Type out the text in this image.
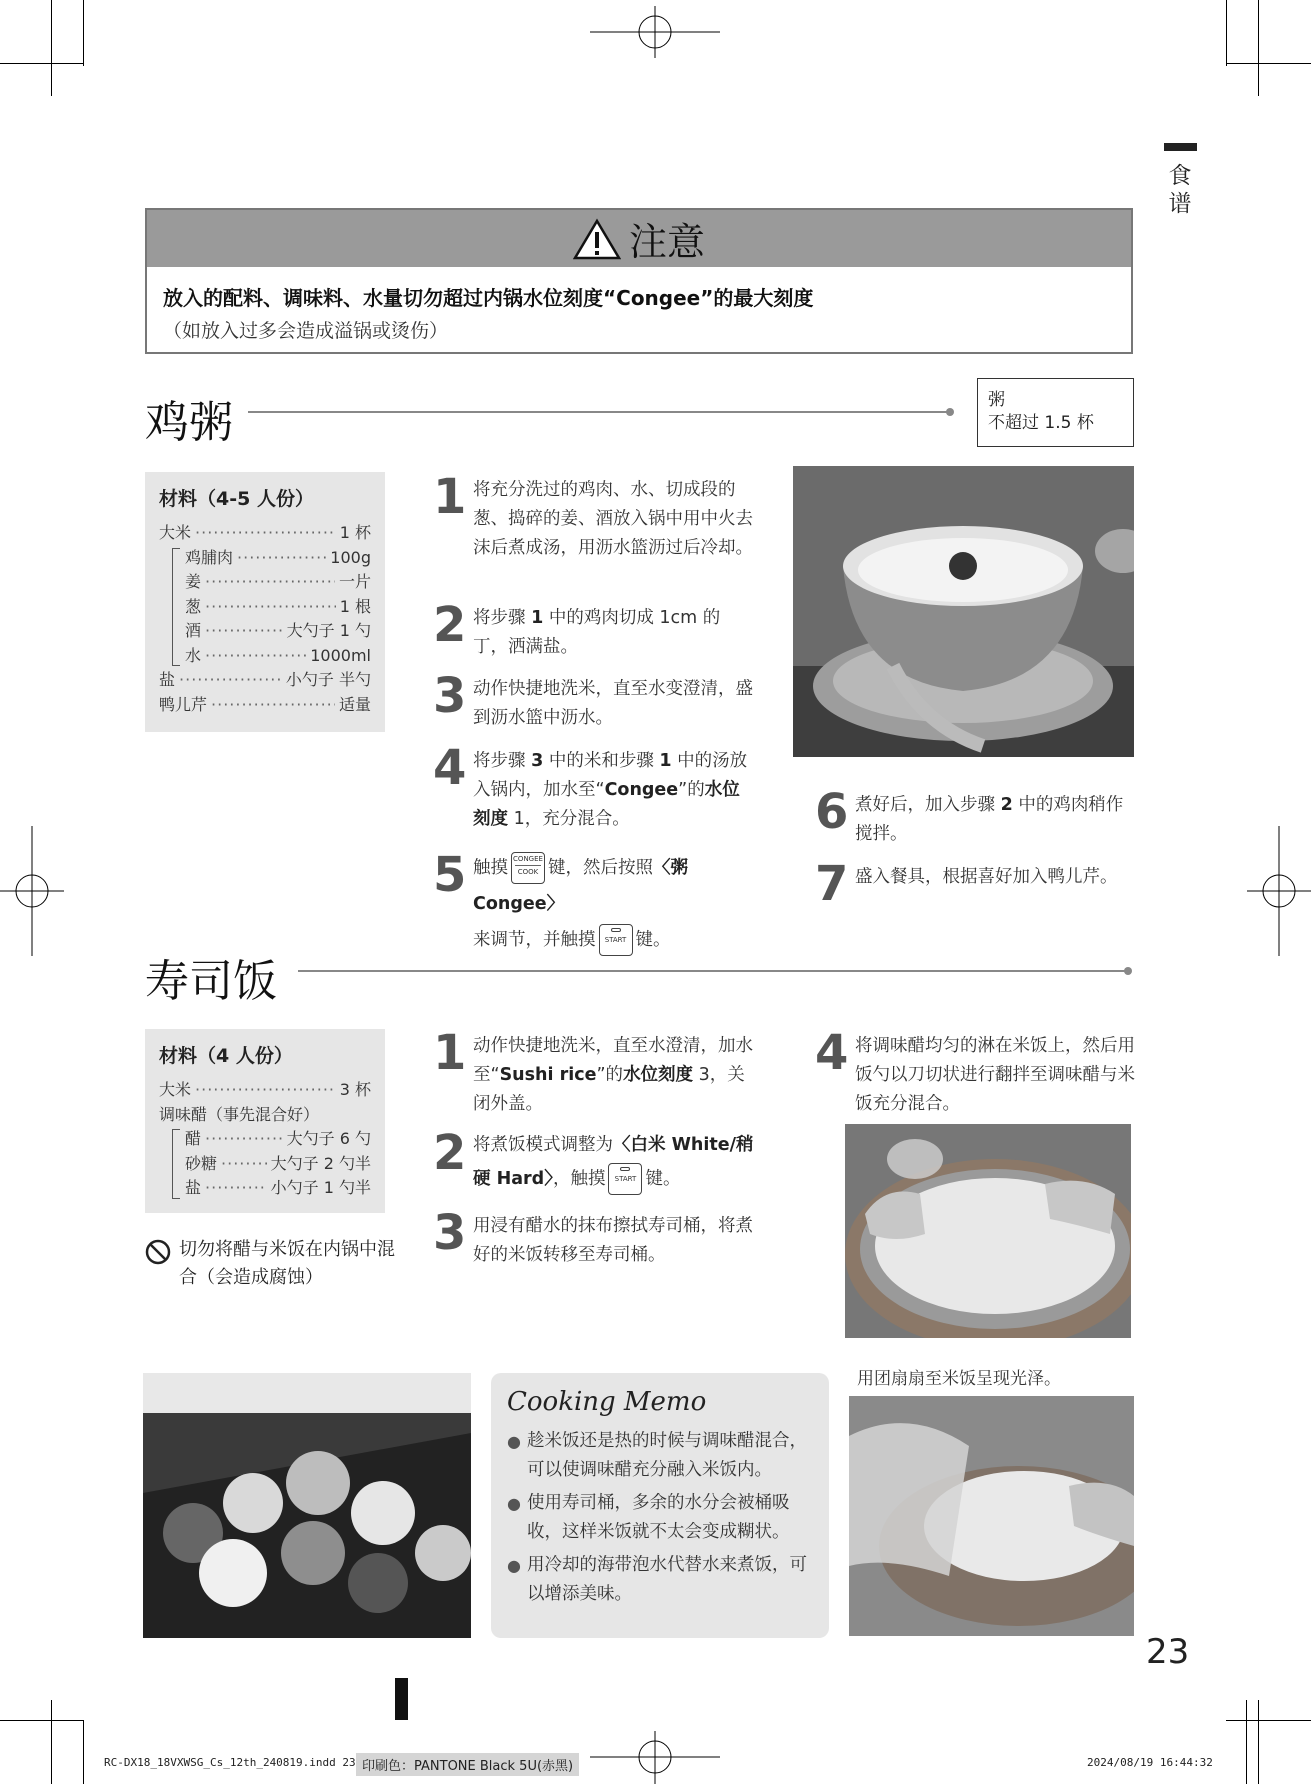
食谱
注意
放入的配料、调味料、水量切勿超过内锅水位刻度“Congee”的最大刻度
（如放入过多会造成溢锅或烫伤）
鸡粥	粥
不超过 1.5 杯
材料（4-5 人份）
大米 ·····	1 杯
鸡脯肉 ·····	100g
姜 ·····	一片
葱 ·····	1 根
酒 ·····	大勺子 1 勺
水 ·····	1000ml
盐 ·····	小勺子 半勺
鸭儿芹 ·····	适量
1 将充分洗过的鸡肉、水、切成段的葱、捣碎的姜、酒放入锅中用中火去沫后煮成汤，用沥水篮沥过后冷却。
2 将步骤 1 中的鸡肉切成 1cm 的丁，洒满盐。
3 动作快捷地洗米，直至水变澄清，盛到沥水篮中沥水。
4 将步骤 3 中的米和步骤 1 中的汤放入锅内，加水至“Congee”的水位刻度 1，充分混合。
5 触摸 CONGEE
COOK 键，然后按照〈粥 Congee〉
来调节，并触摸 START 键。
6 煮好后，加入步骤 2 中的鸡肉稍作搅拌。
7 盛入餐具，根据喜好加入鸭儿芹。
寿司饭
材料（4 人份）
大米 ·····	3 杯
调味醋（事先混合好）
醋 ·····	大勺子 6 勺
砂糖 ·····	大勺子 2 勺半
盐 ·····	小勺子 1 勺半
切勿将醋与米饭在内锅中混合（会造成腐蚀）
1 动作快捷地洗米，直至水澄清，加水至“Sushi rice”的水位刻度 3，关闭外盖。
2 将煮饭模式调整为〈白米 White/稍硬 Hard〉，触摸 START 键。
3 用浸有醋水的抹布擦拭寿司桶，将煮好的米饭转移至寿司桶。
4 将调味醋均匀的淋在米饭上，然后用饭勺以刀切状进行翻拌至调味醋与米饭充分混合。
用团扇扇至米饭呈现光泽。
Cooking Memo
● 趁米饭还是热的时候与调味醋混合，可以使调味醋充分融入米饭内。
● 使用寿司桶，多余的水分会被桶吸收，这样米饭就不太会变成糊状。
● 用冷却的海带泡水代替水来煮饭，可以增添美味。
23
RC-DX18_18VXWSG_Cs_12th_240819.indd 23 印刷色：PANTONE Black 5U(赤黑)	2024/08/19 16:44:32
